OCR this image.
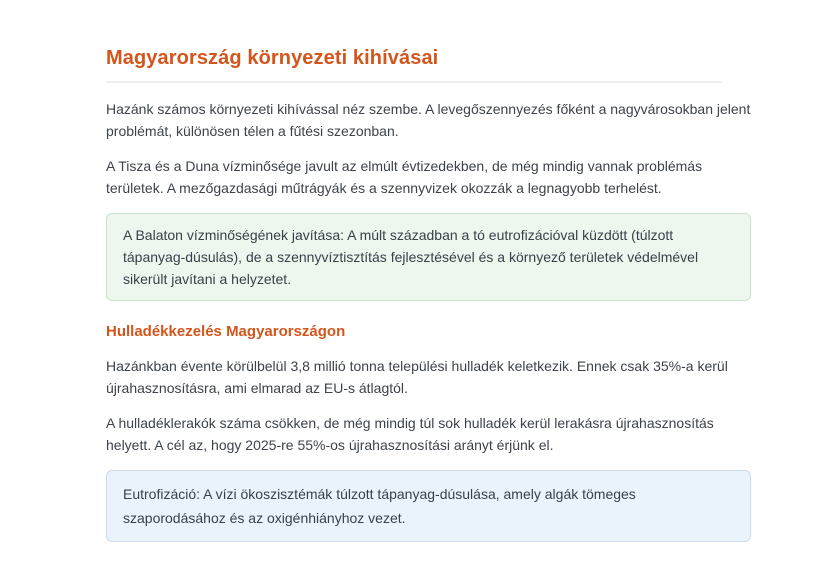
Magyarország környezeti kihívásai

Hazánk számos környezeti kihívással néz szembe. A levegőszennyezés főként a nagyvárosokban jelent problémát, különösen télen a fűtési szezonban.

A Tisza és a Duna vízminősége javult az elmúlt évtizedekben, de még mindig vannak problémás területek. A mezőgazdasági műtrágyák és a szennyvizek okozzák a legnagyobb terhelést.

A Balaton vízminőségének javítása: A múlt században a tó eutrofizációval küzdött (túlzott tápanyag-dúsulás), de a szennyvíztisztítás fejlesztésével és a környező területek védelmével sikerült javítani a helyzetet.
Hulladékkezelés Magyarországon

Hazánkban évente körülbelül 3,8 millió tonna települési hulladék keletkezik. Ennek csak 35%-a kerül újrahasznosításra, ami elmarad az EU-s átlagtól.

A hulladéklerakók száma csökken, de még mindig túl sok hulladék kerül lerakásra újrahasznosítás helyett. A cél az, hogy 2025-re 55%-os újrahasznosítási arányt érjünk el.

Eutrofizáció: A vízi ökoszisztémák túlzott tápanyag-dúsulása, amely algák tömeges szaporodásához és az oxigénhiányhoz vezet.
